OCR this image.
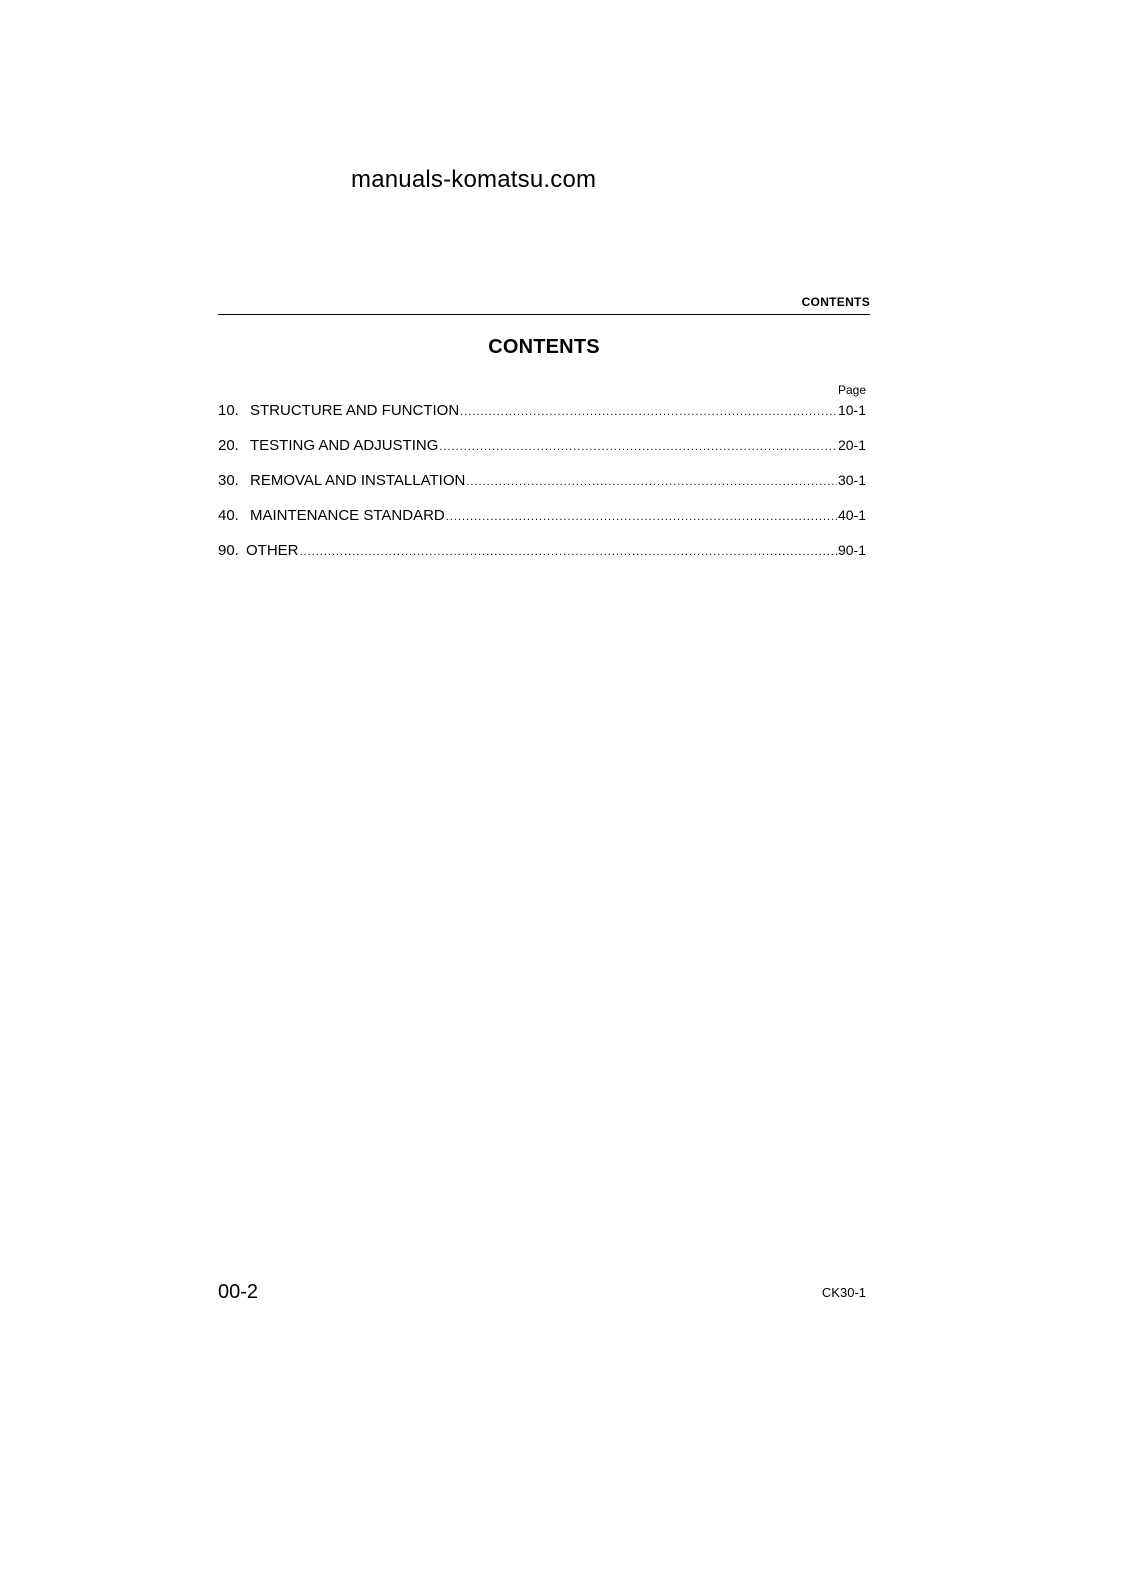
manuals-komatsu.com
CONTENTS
CONTENTS
Page
10. STRUCTURE AND FUNCTION .....	10-1
20. TESTING AND ADJUSTING .....	20-1
30. REMOVAL AND INSTALLATION .....	30-1
40. MAINTENANCE STANDARD .....	40-1
90. OTHER .....	90-1
00-2	CK30-1
